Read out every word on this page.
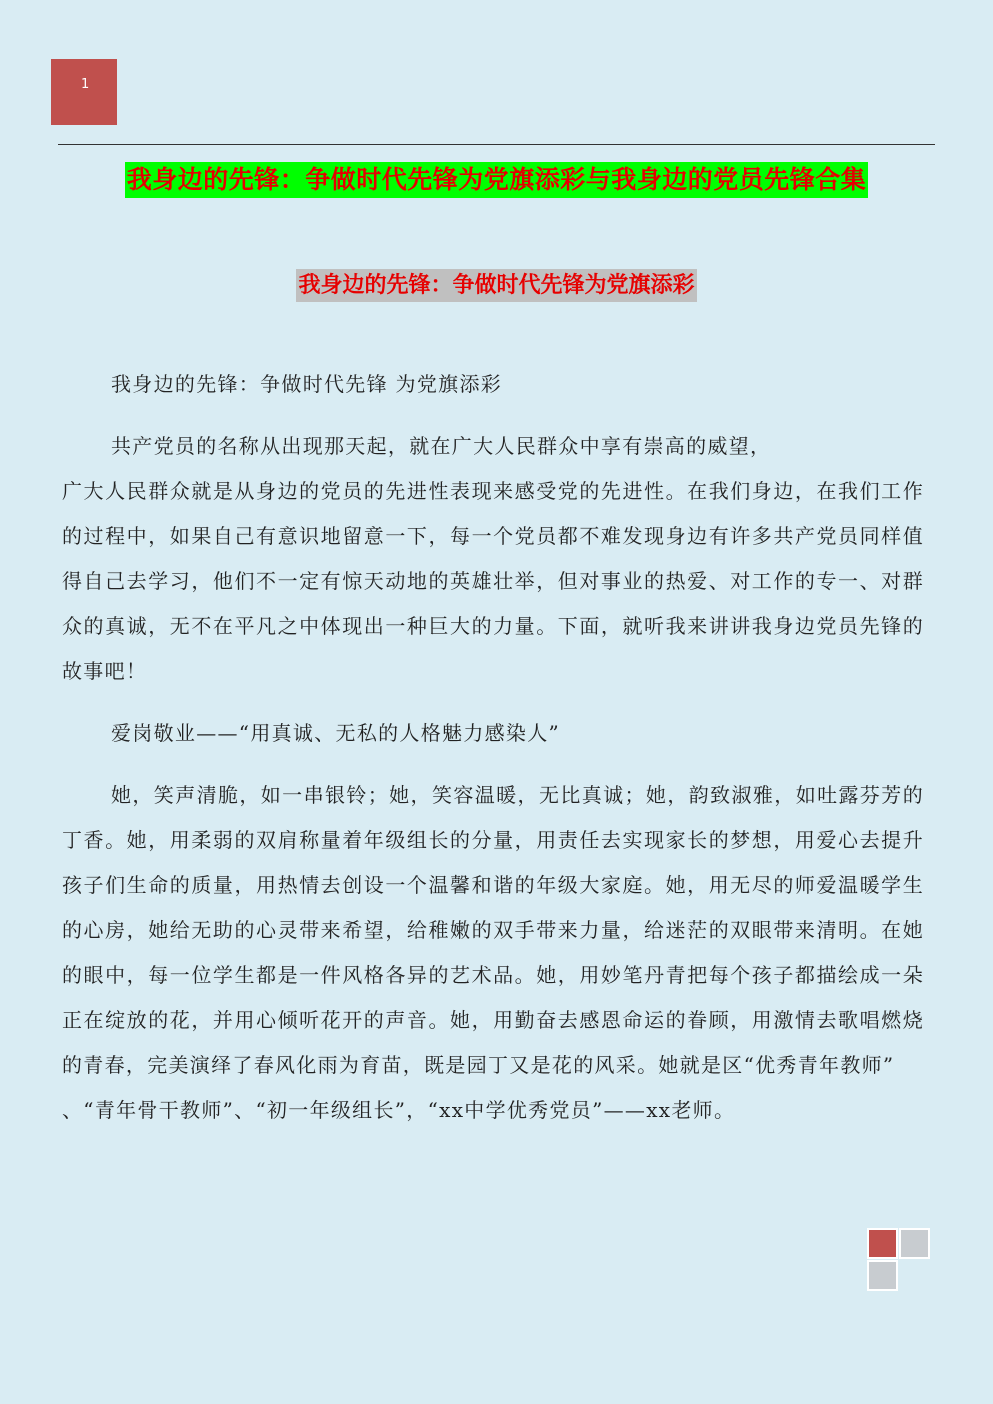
1
我身边的先锋：争做时代先锋为党旗添彩与我身边的党员先锋合集
我身边的先锋：争做时代先锋为党旗添彩

我身边的先锋：争做时代先锋 为党旗添彩

共产党员的名称从出现那天起，就在广大人民群众中享有崇高的威望，

广大人民群众就是从身边的党员的先进性表现来感受党的先进性。在我们身边，在我们工作的过程中，如果自己有意识地留意一下，每一个党员都不难发现身边有许多共产党员同样值得自己去学习，他们不一定有惊天动地的英雄壮举，但对事业的热爱、对工作的专一、对群众的真诚，无不在平凡之中体现出一种巨大的力量。下面，就听我来讲讲我身边党员先锋的故事吧！

爱岗敬业——“用真诚、无私的人格魅力感染人”

她，笑声清脆，如一串银铃；她，笑容温暖，无比真诚；她，韵致淑雅，如吐露芬芳的丁香。她，用柔弱的双肩称量着年级组长的分量，用责任去实现家长的梦想，用爱心去提升孩子们生命的质量，用热情去创设一个温馨和谐的年级大家庭。她，用无尽的师爱温暖学生的心房，她给无助的心灵带来希望，给稚嫩的双手带来力量，给迷茫的双眼带来清明。在她的眼中，每一位学生都是一件风格各异的艺术品。她，用妙笔丹青把每个孩子都描绘成一朵正在绽放的花，并用心倾听花开的声音。她，用勤奋去感恩命运的眷顾，用激情去歌唱燃烧的青春，完美演绎了春风化雨为育苗，既是园丁又是花的风采。她就是区“优秀青年教师”

、“青年骨干教师”、“初一年级组长”，“xx中学优秀党员”——xx老师。
